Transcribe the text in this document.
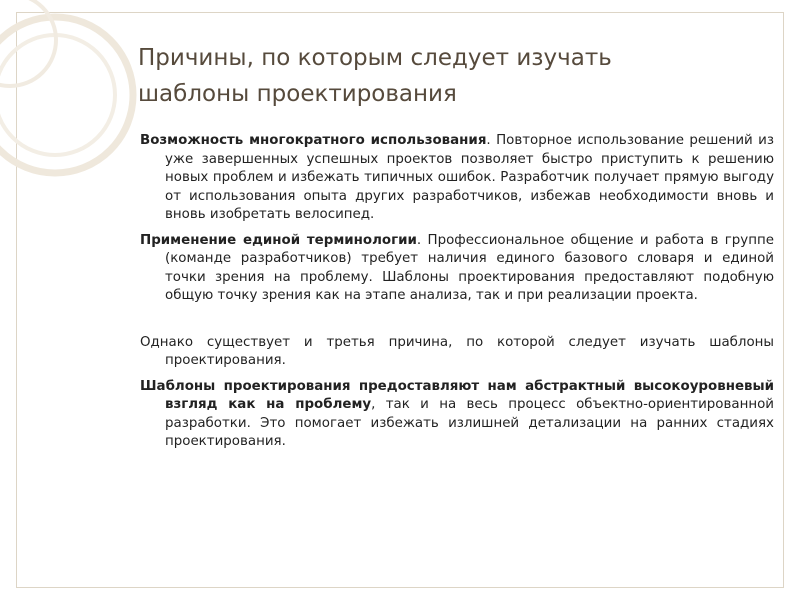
Причины, по которым следует изучать
шаблоны проектирования

Возможность многократного использования. Повторное использование решений из уже завершенных успешных проектов позволяет быстро приступить к решению новых проблем и избежать типичных ошибок. Разработчик получает прямую выгоду от использования опыта других разработчиков, избежав необходимости вновь и вновь изобретать велосипед.

Применение единой терминологии. Профессиональное общение и работа в группе (команде разработчиков) требует наличия единого базового словаря и единой точки зрения на проблему. Шаблоны проектирования предоставляют подобную общую точку зрения как на этапе анализа, так и при реализации проекта.

Однако существует и третья причина, по которой следует изучать шаблоны проектирования.

Шаблоны проектирования предоставляют нам абстрактный высокоуровневый взгляд как на проблему, так и на весь процесс объектно-ориентированной разработки. Это помогает избежать излишней детализации на ранних стадиях проектирования.
